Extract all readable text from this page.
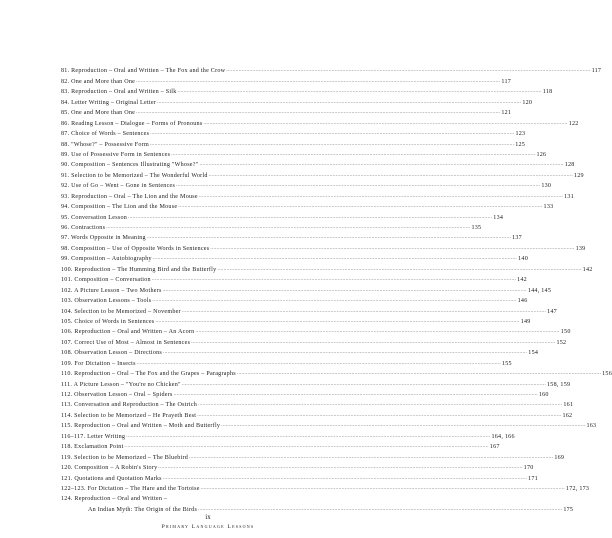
81. Reproduction – Oral and Written – The Fox and the Crow .....	117
82. One and More than One .....	117
83. Reproduction – Oral and Written – Silk .....	118
84. Letter Writing – Original Letter .....	120
85. One and More than One .....	121
86. Reading Lesson – Dialogue – Forms of Pronouns .....	122
87. Choice of Words – Sentences .....	123
88. "Whose?" – Possessive Form .....	125
89. Use of Possessive Form in Sentences .....	126
90. Composition – Sentences Illustrating "Whose?" .....	128
91. Selection to be Memorized – The Wonderful World .....	129
92. Use of Go – Went – Gone in Sentences .....	130
93. Reproduction – Oral – The Lion and the Mouse .....	131
94. Composition – The Lion and the Mouse .....	133
95. Conversation Lesson .....	134
96. Contractions .....	135
97. Words Opposite in Meaning .....	137
98. Composition – Use of Opposite Words in Sentences .....	139
99. Composition – Autobiography .....	140
100. Reproduction – The Humming Bird and the Butterfly .....	142
101. Composition – Conversation .....	142
102. A Picture Lesson – Two Mothers .....	144, 145
103. Observation Lessons – Tools .....	146
104. Selection to be Memorized – November .....	147
105. Choice of Words in Sentences .....	149
106. Reproduction – Oral and Written – An Acorn .....	150
107. Correct Use of Most – Almost in Sentences .....	152
108. Observation Lesson – Directions .....	154
109. For Dictation – Insects .....	155
110. Reproduction – Oral – The Fox and the Grapes – Paragraphs .....	156
111. A Picture Lesson – "You're no Chicken" .....	158, 159
112. Observation Lesson – Oral – Spiders .....	160
113. Conversation and Reproduction – The Ostrich .....	161
114. Selection to be Memorized – He Prayeth Best .....	162
115. Reproduction – Oral and Written – Moth and Butterfly .....	163
116–117. Letter Writing .....	164, 166
118. Exclamation Point .....	167
119. Selection to be Memorized – The Bluebird .....	169
120. Composition – A Robin's Story .....	170
121. Quotations and Quotation Marks .....	171
122–123. For Dictation – The Hare and the Tortoise .....	172, 173
124. Reproduction – Oral and Written –
An Indian Myth: The Origin of the Birds .....	175
ix
Primary Language Lessons
